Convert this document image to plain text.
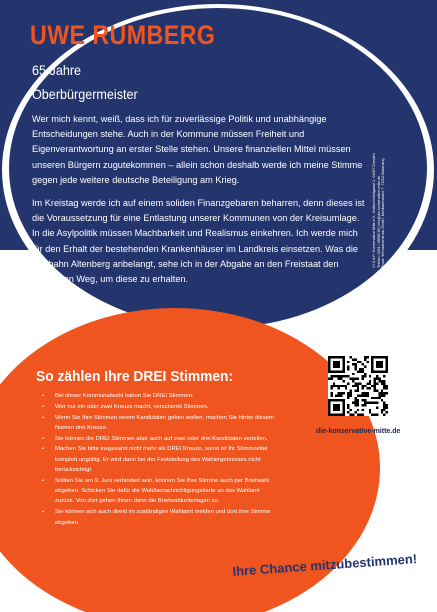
UWE RUMBERG
65 Jahre
Oberbürgermeister

Wer mich kennt, weiß, dass ich für zuverlässige Politik und unabhängige Entscheidungen stehe. Auch in der Kommune müssen Freiheit und Eigenverantwortung an erster Stelle stehen. Unsere finanziellen Mittel müssen unseren Bürgern zugutekommen – allein schon deshalb werde ich meine Stimme gegen jede weitere deutsche Beteiligung am Krieg.

Im Kreistag werde ich auf einem soliden Finanzgebaren beharren, denn dieses ist die Voraussetzung für eine Entlastung unserer Kommunen von der Kreisumlage. In die Asylpolitik müssen Machbarkeit und Realismus einkehren. Ich werde mich für den Erhalt der bestehenden Krankenhäuser im Landkreis einsetzen. Was die Bobbahn Altenberg anbelangt, sehe ich in der Abgabe an den Freistaat den sichersten Weg, um diese zu erhalten.

V.i.S.d.P.: Konservative Mitte e.V., Goldschmiedgasse 2, 01067 Dresden Telefon: 0351 / 26590 90 | info@die-konservative-mitte.de Druck: Wirmachendruck GmbH, Mühlbachstraße 7, 71522 Backnang
So zählen Ihre DREI Stimmen:
• Bei dieser Kommunalwahl haben Sie DREI Stimmen.
• Wer nur ein oder zwei Kreuze macht, verschenkt Stimmen.
• Wenn Sie Ihre Stimmen einem Kandidaten geben wollen, machen Sie hinter diesem Namen drei Kreuze.
• Sie können die DREI Stimmen aber auch auf zwei oder drei Kandidaten verteilen.
• Machen Sie bitte insgesamt nicht mehr als DREI Kreuze, sonst ist Ihr Stimmzettel komplett ungültig. Er wird dann bei der Feststellung des Wahlergebnisses nicht berücksichtigt.
• Sollten Sie am 9. Juni verhindert sein, können Sie Ihre Stimme auch per Briefwahl abgeben. Schicken Sie dafür die Wahlbenachrichtigungskarte an das Wahlamt zurück. Von dort gehen Ihnen dann die Briefwahlunterlagen zu.
• Sie können sich auch direkt im zuständigen Wahlamt melden und dort Ihre Stimme abgeben.
die-konservative-mitte.de
Ihre Chance mitzubestimmen!
